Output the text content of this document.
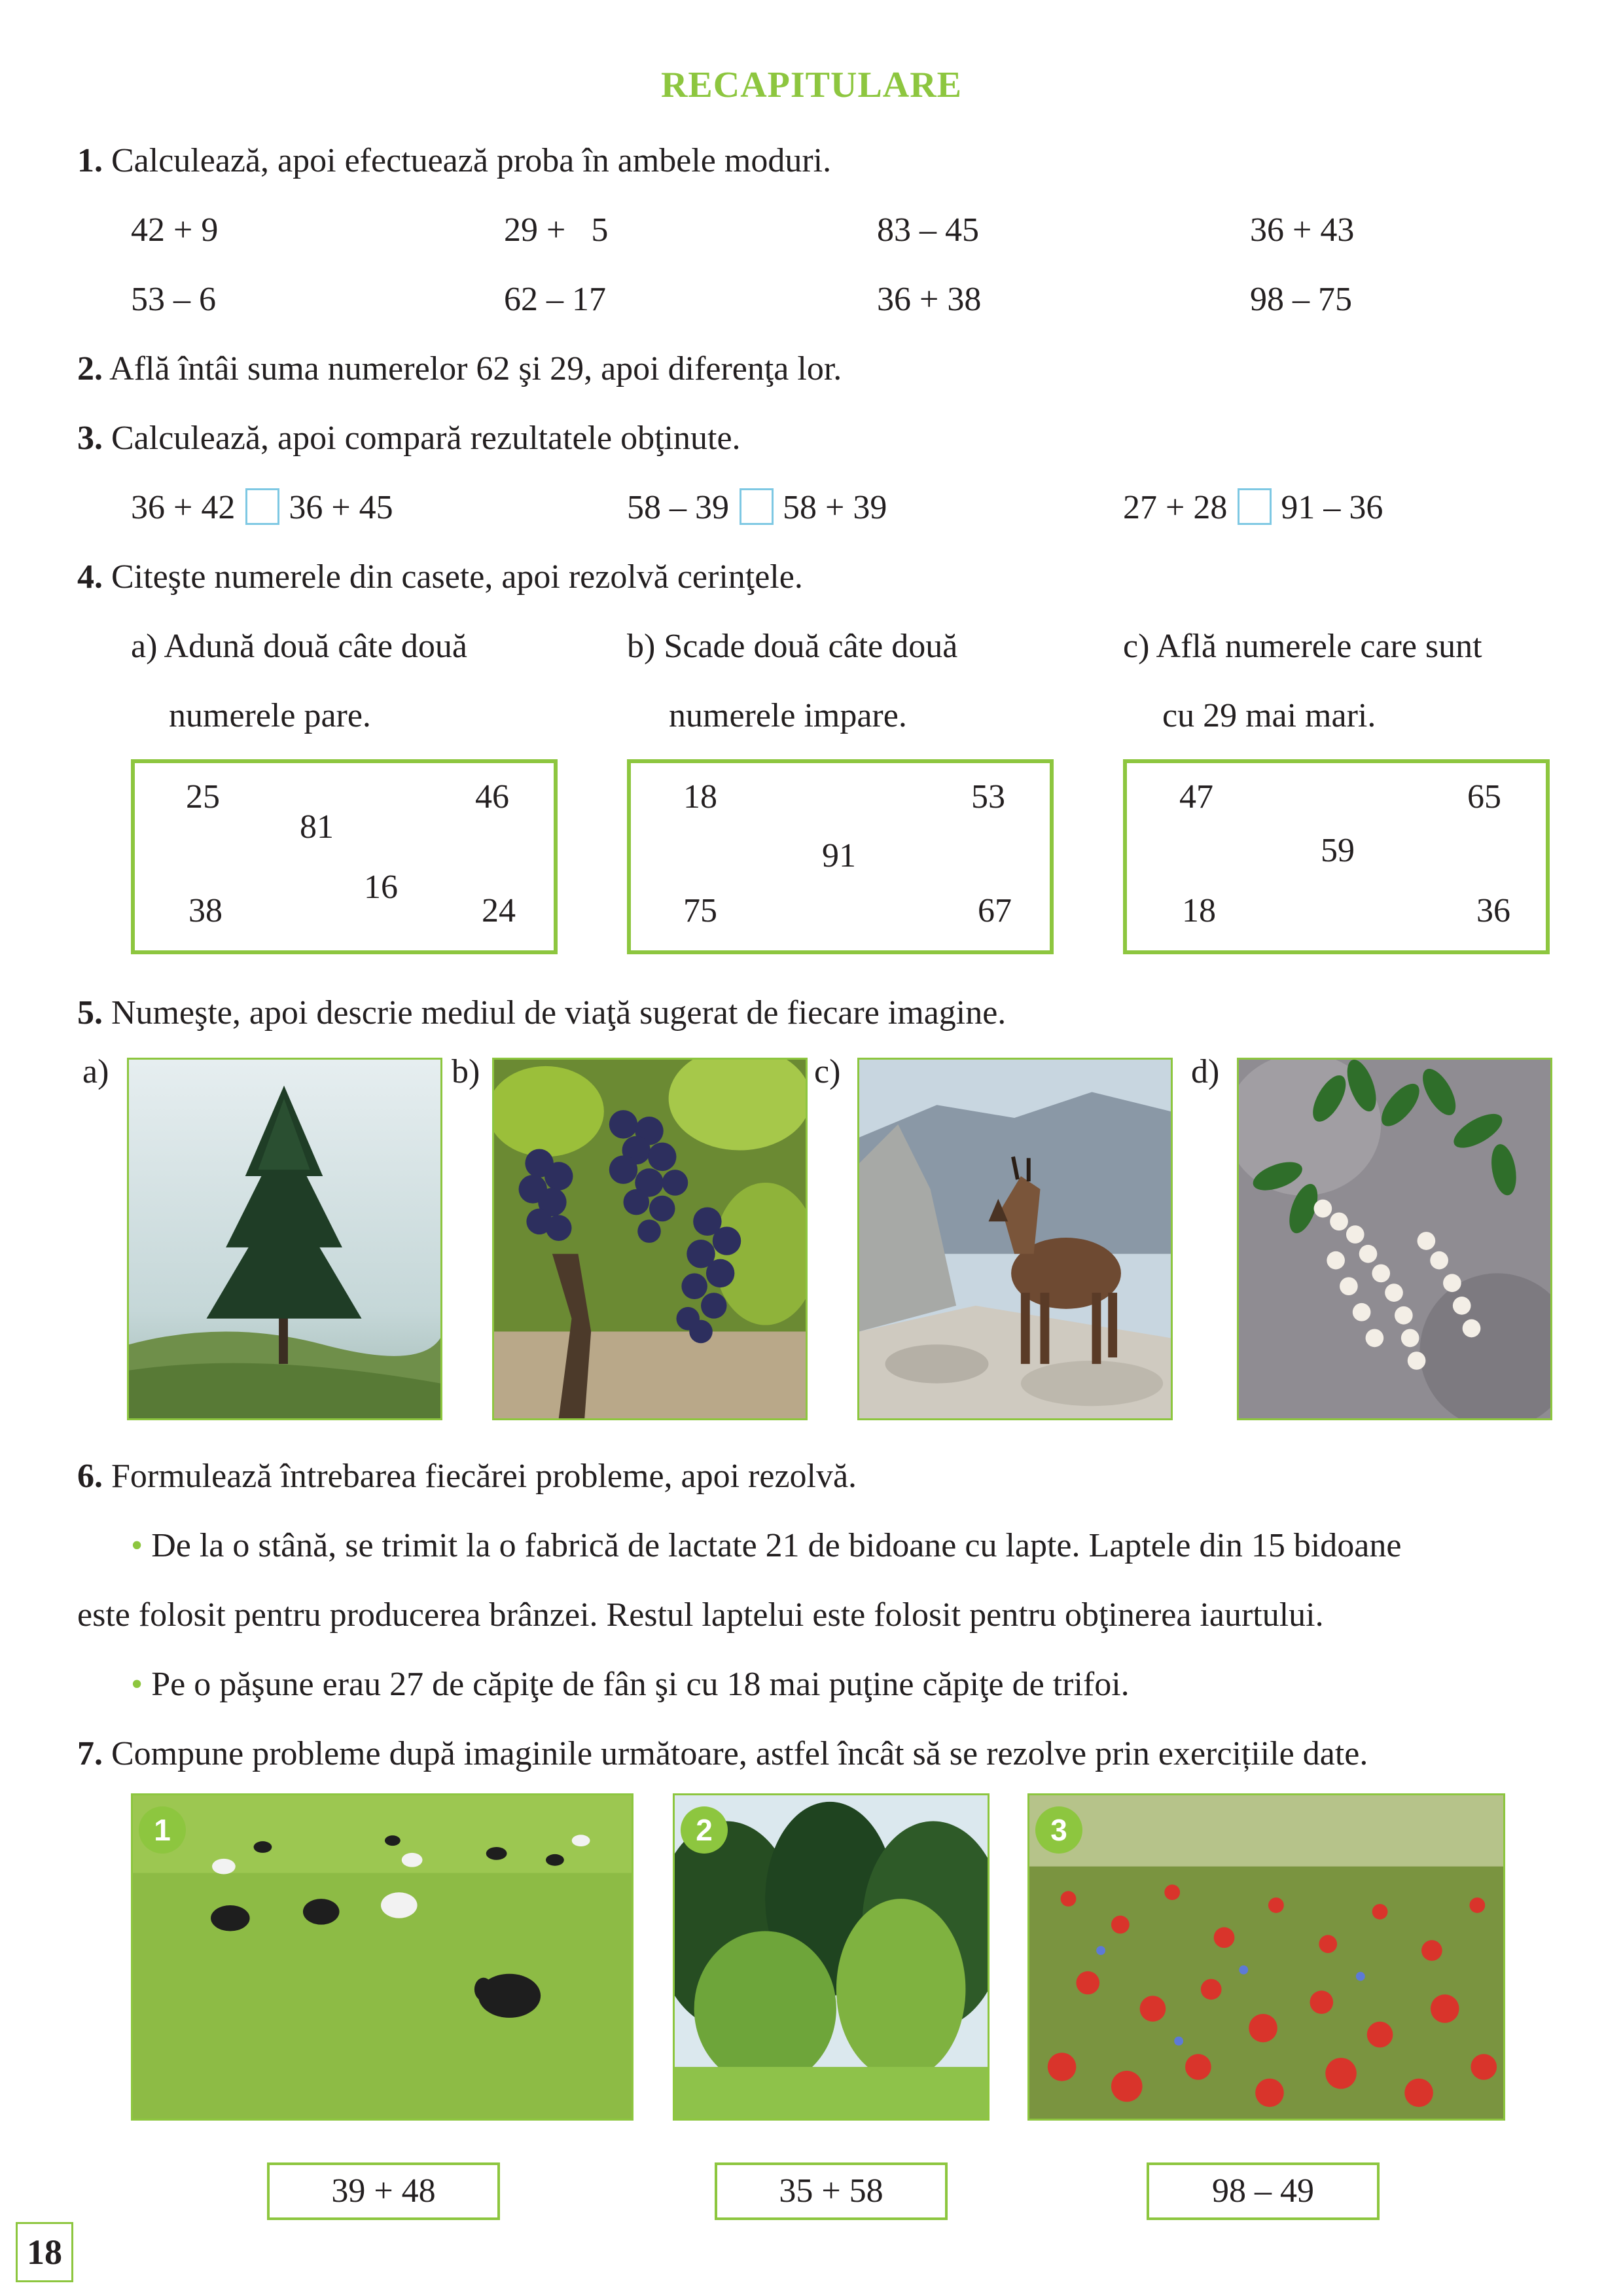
RECAPITULARE
1. Calculează, apoi efectuează proba în ambele moduri.
42 + 9	29 +   5	83 – 45	36 + 43
53 – 6	62 – 17	36 + 38	98 – 75
2. Află întâi suma numerelor 62 şi 29, apoi diferenţa lor.
3. Calculează, apoi compară rezultatele obţinute.
36 + 42 36 + 45	58 – 39 58 + 39	27 + 28 91 – 36
4. Citeşte numerele din casete, apoi rezolvă cerinţele.
a) Adună două câte două
numerele pare.
b) Scade două câte două
numerele impare.
c) Află numerele care sunt
cu 29 mai mari.
25	46
81
16
38	24
18	53
91
75	67
47	65
59
18	36
5. Numeşte, apoi descrie mediul de viaţă sugerat de fiecare imagine.
a)	b)	c)	d)
6. Formulează întrebarea fiecărei probleme, apoi rezolvă.
• De la o stână, se trimit la o fabrică de lactate 21 de bidoane cu lapte. Laptele din 15 bidoane
este folosit pentru producerea brânzei. Restul laptelui este folosit pentru obţinerea iaurtului.
• Pe o păşune erau 27 de căpiţe de fân şi cu 18 mai puţine căpiţe de trifoi.
7. Compune probleme după imaginile următoare, astfel încât să se rezolve prin exercițiile date.
1	2	3
39 + 48	35 + 58	98 – 49
18
